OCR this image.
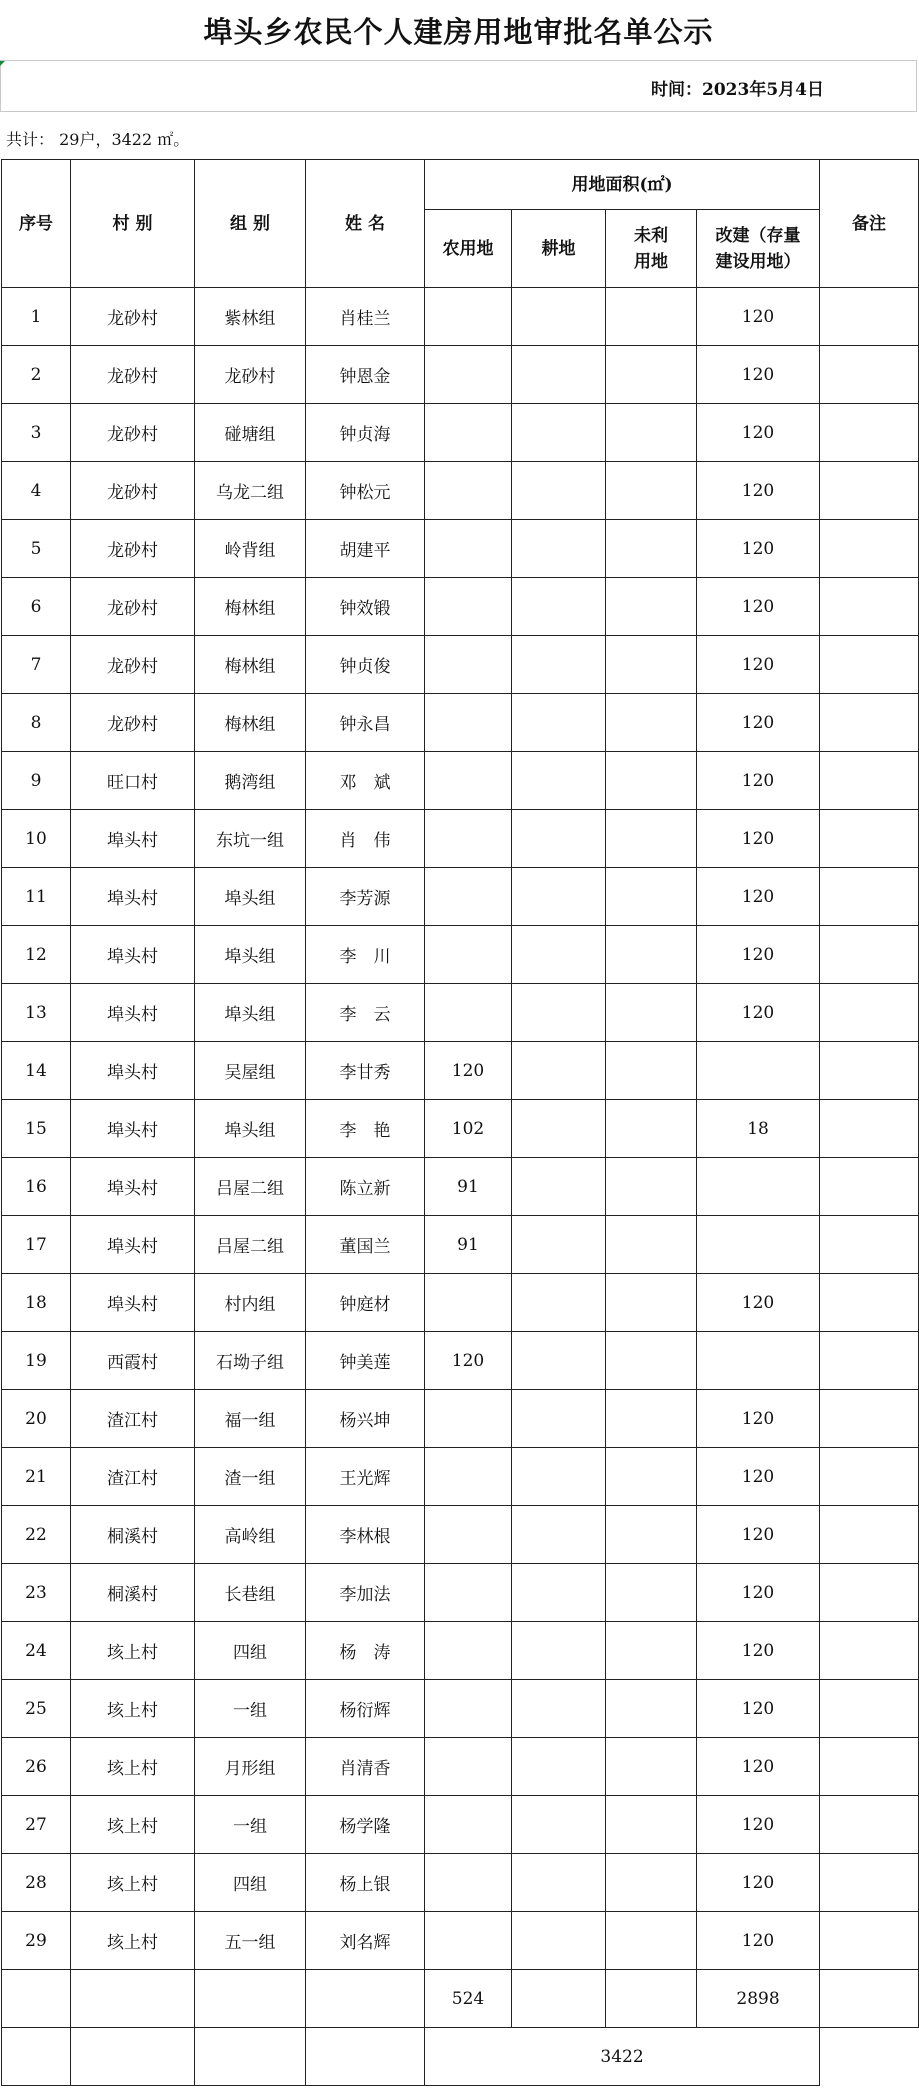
埠头乡农民个人建房用地审批名单公示
时间：2023年5月4日
共计： 29户，3422 ㎡。
序号	村 别	组 别	姓 名	用地面积(㎡)				备注
				农用地	耕地	未利用地	改建（存量建设用地）	
1	龙砂村	紫林组	肖桂兰				120	
2	龙砂村	龙砂村	钟恩金				120	
3	龙砂村	碰塘组	钟贞海				120	
4	龙砂村	乌龙二组	钟松元				120	
5	龙砂村	岭背组	胡建平				120	
6	龙砂村	梅林组	钟效锻				120	
7	龙砂村	梅林组	钟贞俊				120	
8	龙砂村	梅林组	钟永昌				120	
9	旺口村	鹅湾组	邓　斌				120	
10	埠头村	东坑一组	肖　伟				120	
11	埠头村	埠头组	李芳源				120	
12	埠头村	埠头组	李　川				120	
13	埠头村	埠头组	李　云				120	
14	埠头村	吴屋组	李甘秀	120				
15	埠头村	埠头组	李　艳	102			18	
16	埠头村	吕屋二组	陈立新	91				
17	埠头村	吕屋二组	董国兰	91				
18	埠头村	村内组	钟庭材				120	
19	西霞村	石坳子组	钟美莲	120				
20	渣江村	福一组	杨兴坤				120	
21	渣江村	渣一组	王光辉				120	
22	桐溪村	高岭组	李林根				120	
23	桐溪村	长巷组	李加法				120	
24	垓上村	四组	杨　涛				120	
25	垓上村	一组	杨衍辉				120	
26	垓上村	月形组	肖清香				120	
27	垓上村	一组	杨学隆				120	
28	垓上村	四组	杨上银				120	
29	垓上村	五一组	刘名辉				120	
				524			2898	
				3422				
